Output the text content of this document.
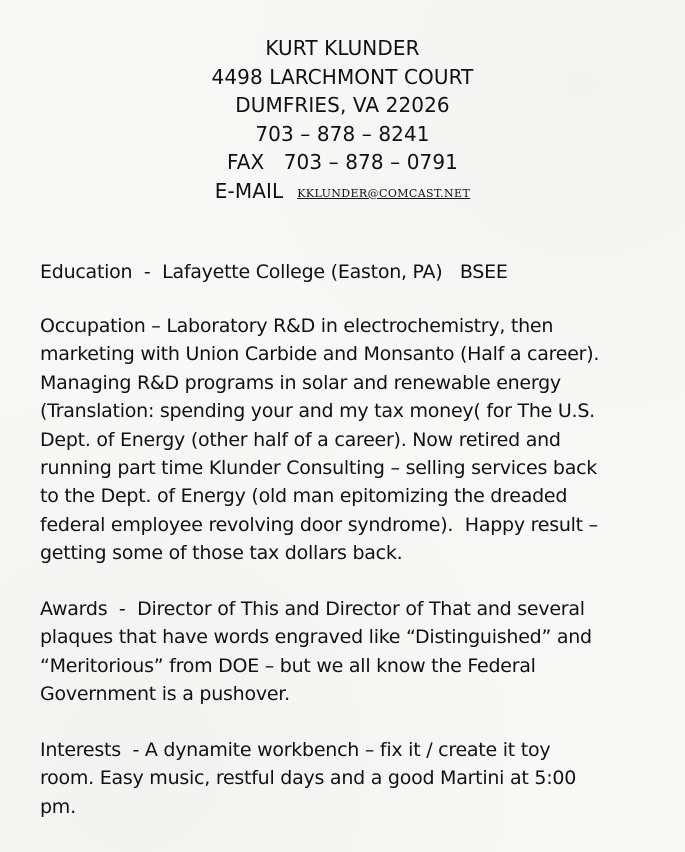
KURT KLUNDER
4498 LARCHMONT COURT
DUMFRIES, VA 22026
703 – 878 – 8241
FAX   703 – 878 – 0791
E-MAIL KKLUNDER@COMCAST.NET
Education  -  Lafayette College (Easton, PA)   BSEE
Occupation – Laboratory R&D in electrochemistry, then
marketing with Union Carbide and Monsanto (Half a career).
Managing R&D programs in solar and renewable energy
(Translation: spending your and my tax money( for The U.S.
Dept. of Energy (other half of a career). Now retired and
running part time Klunder Consulting – selling services back
to the Dept. of Energy (old man epitomizing the dreaded
federal employee revolving door syndrome).  Happy result –
getting some of those tax dollars back.
Awards  -  Director of This and Director of That and several
plaques that have words engraved like “Distinguished” and
“Meritorious” from DOE – but we all know the Federal
Government is a pushover.
Interests  - A dynamite workbench – fix it / create it toy
room. Easy music, restful days and a good Martini at 5:00
pm.
